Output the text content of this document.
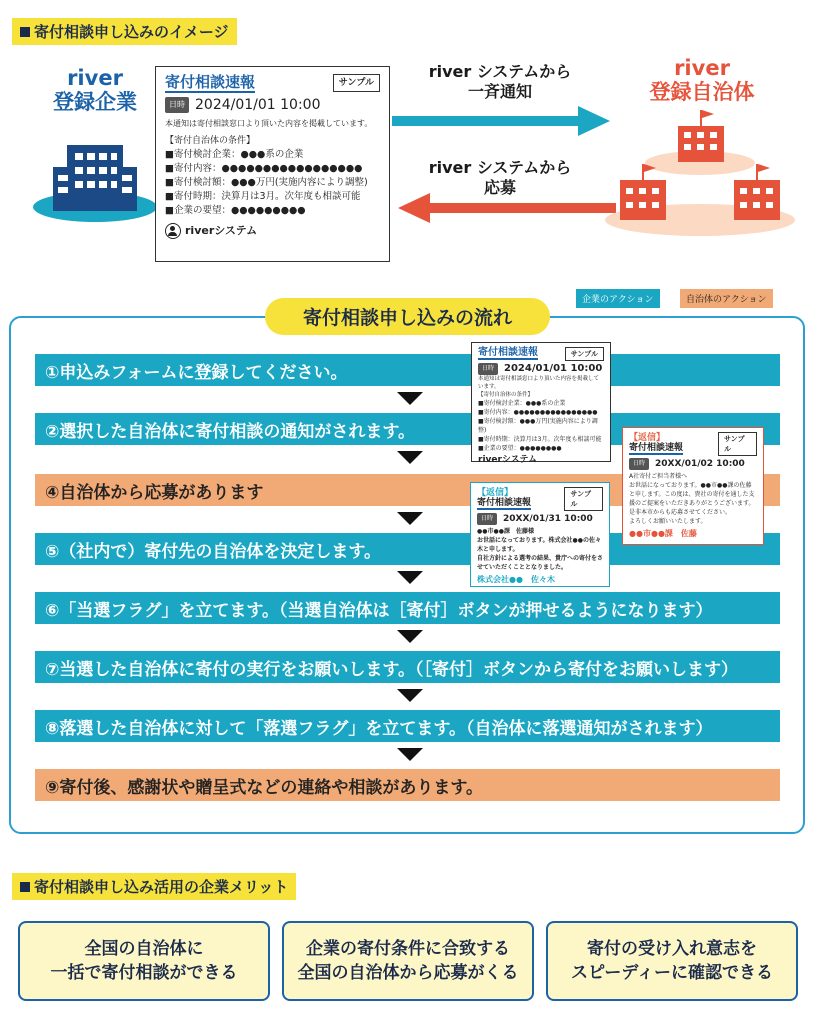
寄付相談申し込みのイメージ
river
登録企業
寄付相談速報	サンプル
日時 2024/01/01 10:00
本通知は寄付相談窓口より頂いた内容を掲載しています。
【寄付自治体の条件】
■寄付検討企業：●●●系の企業
■寄付内容：●●●●●●●●●●●●●●●●●
■寄付検討額：●●●万円(実施内容により調整)
■寄付時期：決算月は3月。次年度も相談可能
■企業の要望：●●●●●●●●●
riverシステム
river システムから
一斉通知
river システムから
応募
river
登録自治体
企業のアクション	自治体のアクション
寄付相談申し込みの流れ
①申込みフォームに登録してください。
②選択した自治体に寄付相談の通知がされます。
④自治体から応募があります
⑤（社内で）寄付先の自治体を決定します。
⑥「当選フラグ」を立てます。（当選自治体は［寄付］ボタンが押せるようになります）
⑦当選した自治体に寄付の実行をお願いします。（［寄付］ボタンから寄付をお願いします）
⑧落選した自治体に対して「落選フラグ」を立てます。（自治体に落選通知がされます）
⑨寄付後、感謝状や贈呈式などの連絡や相談があります。
寄付相談速報	サンプル
日時	2024/01/01 10:00
本通知は寄付相談窓口より頂いた内容を掲載しています。
【寄付自治体の条件】
■寄付検討企業：●●●系の企業
■寄付内容：●●●●●●●●●●●●●●●●
■寄付検討額：●●●万円(実施内容により調整)
■寄付時期：決算月は3月。次年度も相談可能
■企業の要望：●●●●●●●●
riverシステム
【返信】寄付相談速報
サンプル
日時	20XX/01/31 10:00
●●市●●課　佐藤様
お世話になっております。株式会社●●の佐々木と申します。
自社方針による選考の結果、貴庁への寄付をさせていただくこととなりました。
株式会社●●　佐々木
【返信】寄付相談速報
サンプル
日時	20XX/01/02 10:00
A社寄付ご担当者様へ
お世話になっております。●●市●●課の佐藤と申します。この度は、貴社の寄付を通した支援のご提案をいただきありがとうございます。
是非本市からも応募させてください。
よろしくお願いいたします。
●●市●●課　佐藤
寄付相談申し込み活用の企業メリット
全国の自治体に
一括で寄付相談ができる
企業の寄付条件に合致する
全国の自治体から応募がくる
寄付の受け入れ意志を
スピーディーに確認できる
